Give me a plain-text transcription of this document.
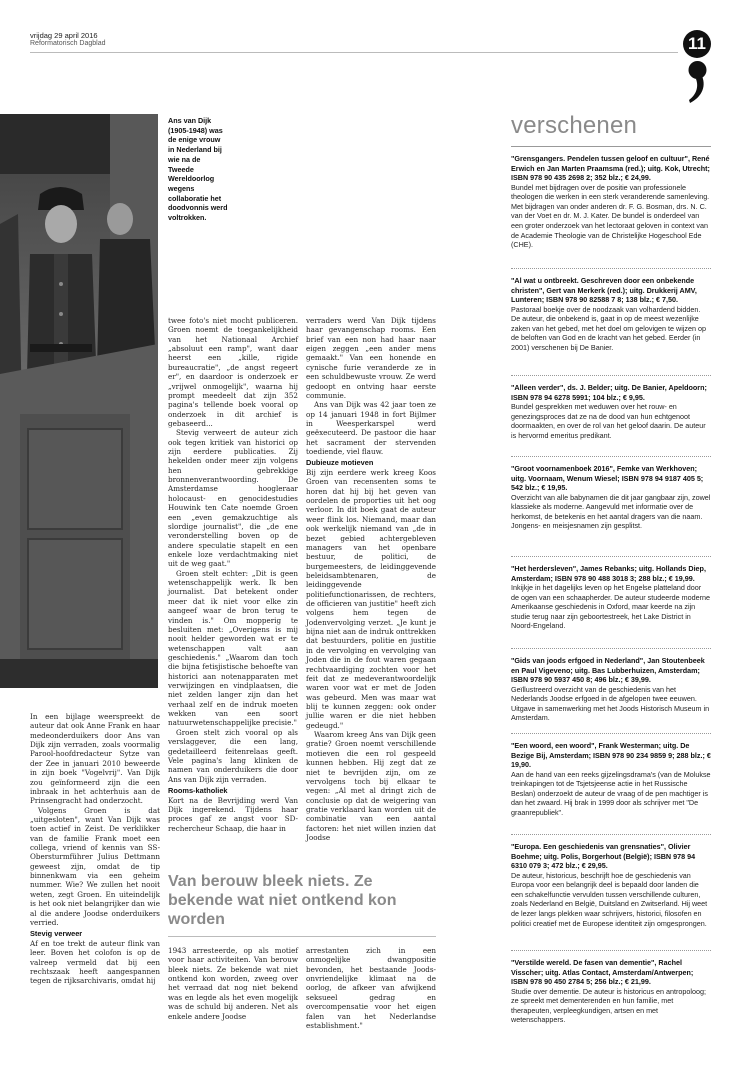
vrijdag 29 april 2016
Reformatorisch Dagblad	11
Ans van Dijk (1905-1948) was de enige vrouw in Nederland bij wie na de Tweede Wereldoorlog wegens collaboratie het doodvonnis werd voltrokken.

twee foto's niet mocht publiceren. Groen noemt de toegankelijkheid van het Nationaal Archief „absoluut een ramp", want daar heerst een „kille, rigide bureaucratie", „de angst regeert er", en daardoor is onderzoek er „vrijwel onmogelijk", waarna hij prompt meedeelt dat zijn 352 pagina's tellende boek vooral op onderzoek in dit archief is gebaseerd...

Stevig verweert de auteur zich ook tegen kritiek van historici op zijn eerdere publicaties. Zij hekelden onder meer zijn volgens hen gebrekkige bronnenverantwoording. De Amsterdamse hoogleraar holocaust- en genocidestudies Houwink ten Cate noemde Groen een „even gemakzuchtige als slordige journalist", die „de ene veronderstelling boven op de andere speculatie stapelt en een enkele loze verdachtmaking niet uit de weg gaat."

Groen stelt echter: „Dit is geen wetenschappelijk werk. Ik ben journalist. Dat betekent onder meer dat ik niet voor elke zin aangeef waar de bron terug te vinden is." Om mopperig te besluiten met: „Overigens is mij nooit helder geworden wat er te wetenschappen valt aan geschiedenis." „Waarom dan toch die bijna fetisjistische behoefte van historici aan notenapparaten met verwijzingen en vindplaatsen, die niet zelden langer zijn dan het verhaal zelf en de indruk moeten wekken van een soort natuurwetenschappelijke precisie."

Groen stelt zich vooral op als verslaggever, die een lang, gedetailleerd feitenrelaas geeft. Vele pagina's lang klinken de namen van onderduikers die door Ans van Dijk zijn verraden.

Rooms-katholiek

Kort na de Bevrijding werd Van Dijk ingerekend. Tijdens haar proces gaf ze angst voor SD-rechercheur Schaap, die haar in

verraders werd Van Dijk tijdens haar gevangenschap rooms. Een brief van een non had haar naar eigen zeggen „een ander mens gemaakt." Van een honende en cynische furie veranderde ze in een schuldbewuste vrouw. Ze werd gedoopt en ontving haar eerste communie.

Ans van Dijk was 42 jaar toen ze op 14 januari 1948 in fort Bijlmer in Weesperkarspel werd geëxecuteerd. De pastoor die haar het sacrament der stervenden toediende, viel flauw.

Dubieuze motieven

Bij zijn eerdere werk kreeg Koos Groen van recensenten soms te horen dat hij bij het geven van oordelen de proporties uit het oog verloor. In dit boek gaat de auteur weer flink los. Niemand, maar dan ook werkelijk niemand van „de in bezet gebied achtergebleven managers van het openbare bestuur, de politici, de burgemeesters, de leidinggevende beleidsambtenaren, de leidinggevende politiefunctionarissen, de rechters, de officieren van justitie" heeft zich volgens hem tegen de Jodenvervolging verzet. „Je kunt je bijna niet aan de indruk onttrekken dat bestuurders, politie en justitie in de vervolging en vervolging van Joden die in de fout waren gegaan rechtvaardiging zochten voor het feit dat ze medeverantwoordelijk waren voor wat er met de Joden was gebeurd. Men was maar wat blij te kunnen zeggen: ook onder jullie waren er die niet hebben gedeugd."

Waarom kreeg Ans van Dijk geen gratie? Groen noemt verschillende motieven die een rol gespeeld kunnen hebben. Hij zegt dat ze niet te bevrijden zijn, om ze vervolgens toch bij elkaar te vegen: „Al met al dringt zich de conclusie op dat de weigering van gratie verklaard kan worden uit de combinatie van een aantal factoren: het niet willen inzien dat Joodse

In een bijlage weerspreekt de auteur dat ook Anne Frank en haar medeonderduikers door Ans van Dijk zijn verraden, zoals voormalig Parool-hoofdredacteur Sytze van der Zee in januari 2010 beweerde in zijn boek "Vogelvrij". Van Dijk zou geïnformeerd zijn die een inbraak in het achterhuis aan de Prinsengracht had onderzocht.

Volgens Groen is dat „uitgesloten", want Van Dijk was toen actief in Zeist. De verklikker van de familie Frank moet een collega, vriend of kennis van SS-Obersturmführer Julius Dettmann geweest zijn, omdat de tip binnenkwam via een geheim nummer. Wie? We zullen het nooit weten, zegt Groen. En uiteindelijk is het ook niet belangrijker dan wie al die andere Joodse onderduikers verried.

Stevig verweer

Af en toe trekt de auteur flink van leer. Boven het colofon is op de valreep vermeld dat bij een rechtszaak heeft aangespannen tegen de rijksarchivaris, omdat hij

Van berouw bleek niets. Ze bekende wat niet ontkend kon worden

1943 arresteerde, op als motief voor haar activiteiten. Van berouw bleek niets. Ze bekende wat niet ontkend kon worden, zweeg over het verraad dat nog niet bekend was en legde als het even mogelijk was de schuld bij anderen. Net als enkele andere Joodse

arrestanten zich in een onmogelijke dwangpositie bevonden, het bestaande Joods-onvriendelijke klimaat na de oorlog, de afkeer van afwijkend seksueel gedrag en overcompensatie voor het eigen falen van het Nederlandse establishment."

verschenen
"Grensgangers. Pendelen tussen geloof en cultuur", René Erwich en Jan Marten Praamsma (red.); uitg. Kok, Utrecht; ISBN 978 90 435 2698 2; 352 blz.; € 24,99.
Bundel met bijdragen over de positie van professionele theologen die werken in een sterk veranderende samenleving. Met bijdragen van onder anderen dr. F. G. Bosman, drs. N. C. van der Voet en dr. M. J. Kater. De bundel is onderdeel van een groter onderzoek van het lectoraat geloven in context van de Academie Theologie van de Christelijke Hogeschool Ede (CHE).
"Al wat u ontbreekt. Geschreven door een onbekende christen", Gert van Merkerk (red.); uitg. Drukkerij AMV, Lunteren; ISBN 978 90 82588 7 8; 138 blz.; € 7,50.
Pastoraal boekje over de noodzaak van volhardend bidden. De auteur, die onbekend is, gaat in op de meest wezenlijke zaken van het gebed, met het doel om gelovigen te wijzen op de beloften van God en de kracht van het gebed. Eerder (in 2001) verschenen bij De Banier.
"Alleen verder", ds. J. Belder; uitg. De Banier, Apeldoorn; ISBN 978 94 6278 5991; 104 blz.; € 9,95.
Bundel gesprekken met weduwen over het rouw- en genezingsproces dat ze na de dood van hun echtgenoot doormaakten, en over de rol van het geloof daarin. De auteur is hervormd emeritus predikant.
"Groot voornamenboek 2016", Femke van Werkhoven; uitg. Voornaam, Wenum Wiesel; ISBN 978 94 9187 405 5; 542 blz.; € 19,95.
Overzicht van alle babynamen die dit jaar gangbaar zijn, zowel klassieke als moderne. Aangevuld met informatie over de herkomst, de betekenis en het aantal dragers van die naam. Jongens- en meisjesnamen zijn gesplitst.
"Het herdersleven", James Rebanks; uitg. Hollands Diep, Amsterdam; ISBN 978 90 488 3018 3; 288 blz.; € 19,99.
Inkijkje in het dagelijks leven op het Engelse platteland door de ogen van een schaapherder. De auteur studeerde moderne Amerikaanse geschiedenis in Oxford, maar keerde na zijn studie terug naar zijn geboortestreek, het Lake District in Noord-Engeland.
"Gids van joods erfgoed in Nederland", Jan Stoutenbeek en Paul Vigeveno; uitg. Bas Lubberhuizen, Amsterdam; ISBN 978 90 5937 450 8; 496 blz.; € 39,99.
Geïllustreerd overzicht van de geschiedenis van het Nederlands Joodse erfgoed in de afgelopen twee eeuwen. Uitgave in samenwerking met het Joods Historisch Museum in Amsterdam.
"Een woord, een woord", Frank Westerman; uitg. De Bezige Bij, Amsterdam; ISBN 978 90 234 9859 9; 288 blz.; € 19,90.
Aan de hand van een reeks gijzelingsdrama's (van de Molukse treinkapingen tot de Tsjetsjeense actie in het Russische Beslan) onderzoekt de auteur de vraag of de pen machtiger is dan het zwaard. Hij brak in 1999 door als schrijver met "De graanrepubliek".
"Europa. Een geschiedenis van grensnaties", Olivier Boehme; uitg. Polis, Borgerhout (België); ISBN 978 94 6310 079 3; 472 blz.; € 29,95.
De auteur, historicus, beschrijft hoe de geschiedenis van Europa voor een belangrijk deel is bepaald door landen die een schakelfunctie vervulden tussen verschillende culturen, zoals Nederland en België, Duitsland en Zwitserland. Hij weet de lezer langs plekken waar schrijvers, historici, filosofen en politici creatief met de Europese identiteit zijn omgesprongen.
"Verstilde wereld. De fasen van dementie", Rachel Visscher; uitg. Atlas Contact, Amsterdam/Antwerpen; ISBN 978 90 450 2784 5; 256 blz.; € 21,99.
Studie over dementie. De auteur is historicus en antropoloog; ze spreekt met dementerenden en hun familie, met therapeuten, verpleegkundigen, artsen en met wetenschappers.
